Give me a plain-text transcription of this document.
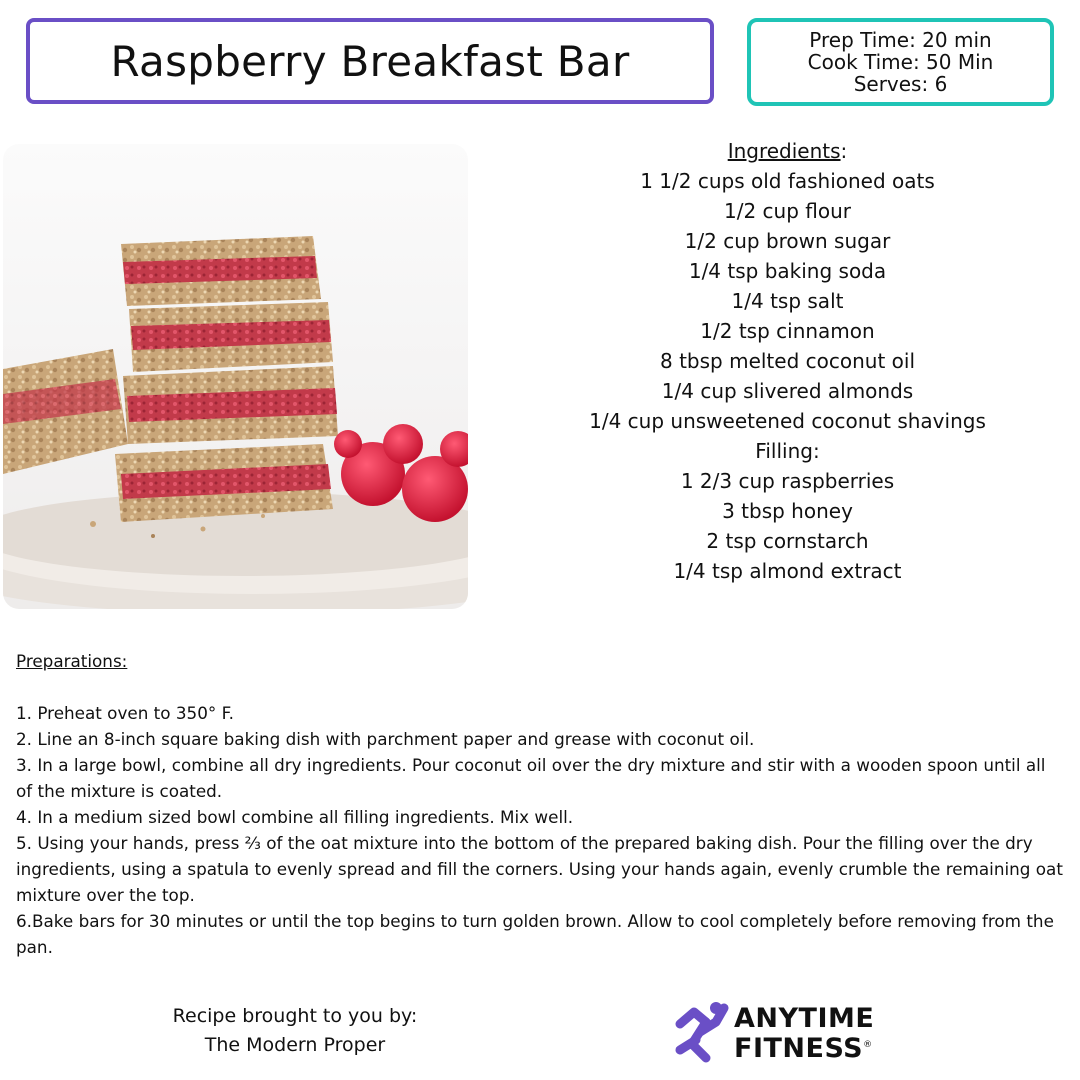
Raspberry Breakfast Bar	Prep Time: 20 min
Cook Time: 50 Min
Serves: 6
Ingredients:
1 1/2 cups old fashioned oats
1/2 cup flour
1/2 cup brown sugar
1/4 tsp baking soda
1/4 tsp salt
1/2 tsp cinnamon
8 tbsp melted coconut oil
1/4 cup slivered almonds
1/4 cup unsweetened coconut shavings
Filling:
1 2/3 cup raspberries
3 tbsp honey
2 tsp cornstarch
1/4 tsp almond extract
Preparations:

1. Preheat oven to 350° F.

2. Line an 8-inch square baking dish with parchment paper and grease with coconut oil.

3. In a large bowl, combine all dry ingredients. Pour coconut oil over the dry mixture and stir with a wooden spoon until all of the mixture is coated.

4. In a medium sized bowl combine all filling ingredients. Mix well.

5. Using your hands, press ⅔ of the oat mixture into the bottom of the prepared baking dish. Pour the filling over the dry ingredients, using a spatula to evenly spread and fill the corners. Using your hands again, evenly crumble the remaining oat mixture over the top.

6.Bake bars for 30 minutes or until the top begins to turn golden brown. Allow to cool completely before removing from the pan.

Recipe brought to you by:
The Modern Proper
ANYTIME
FITNESS®
